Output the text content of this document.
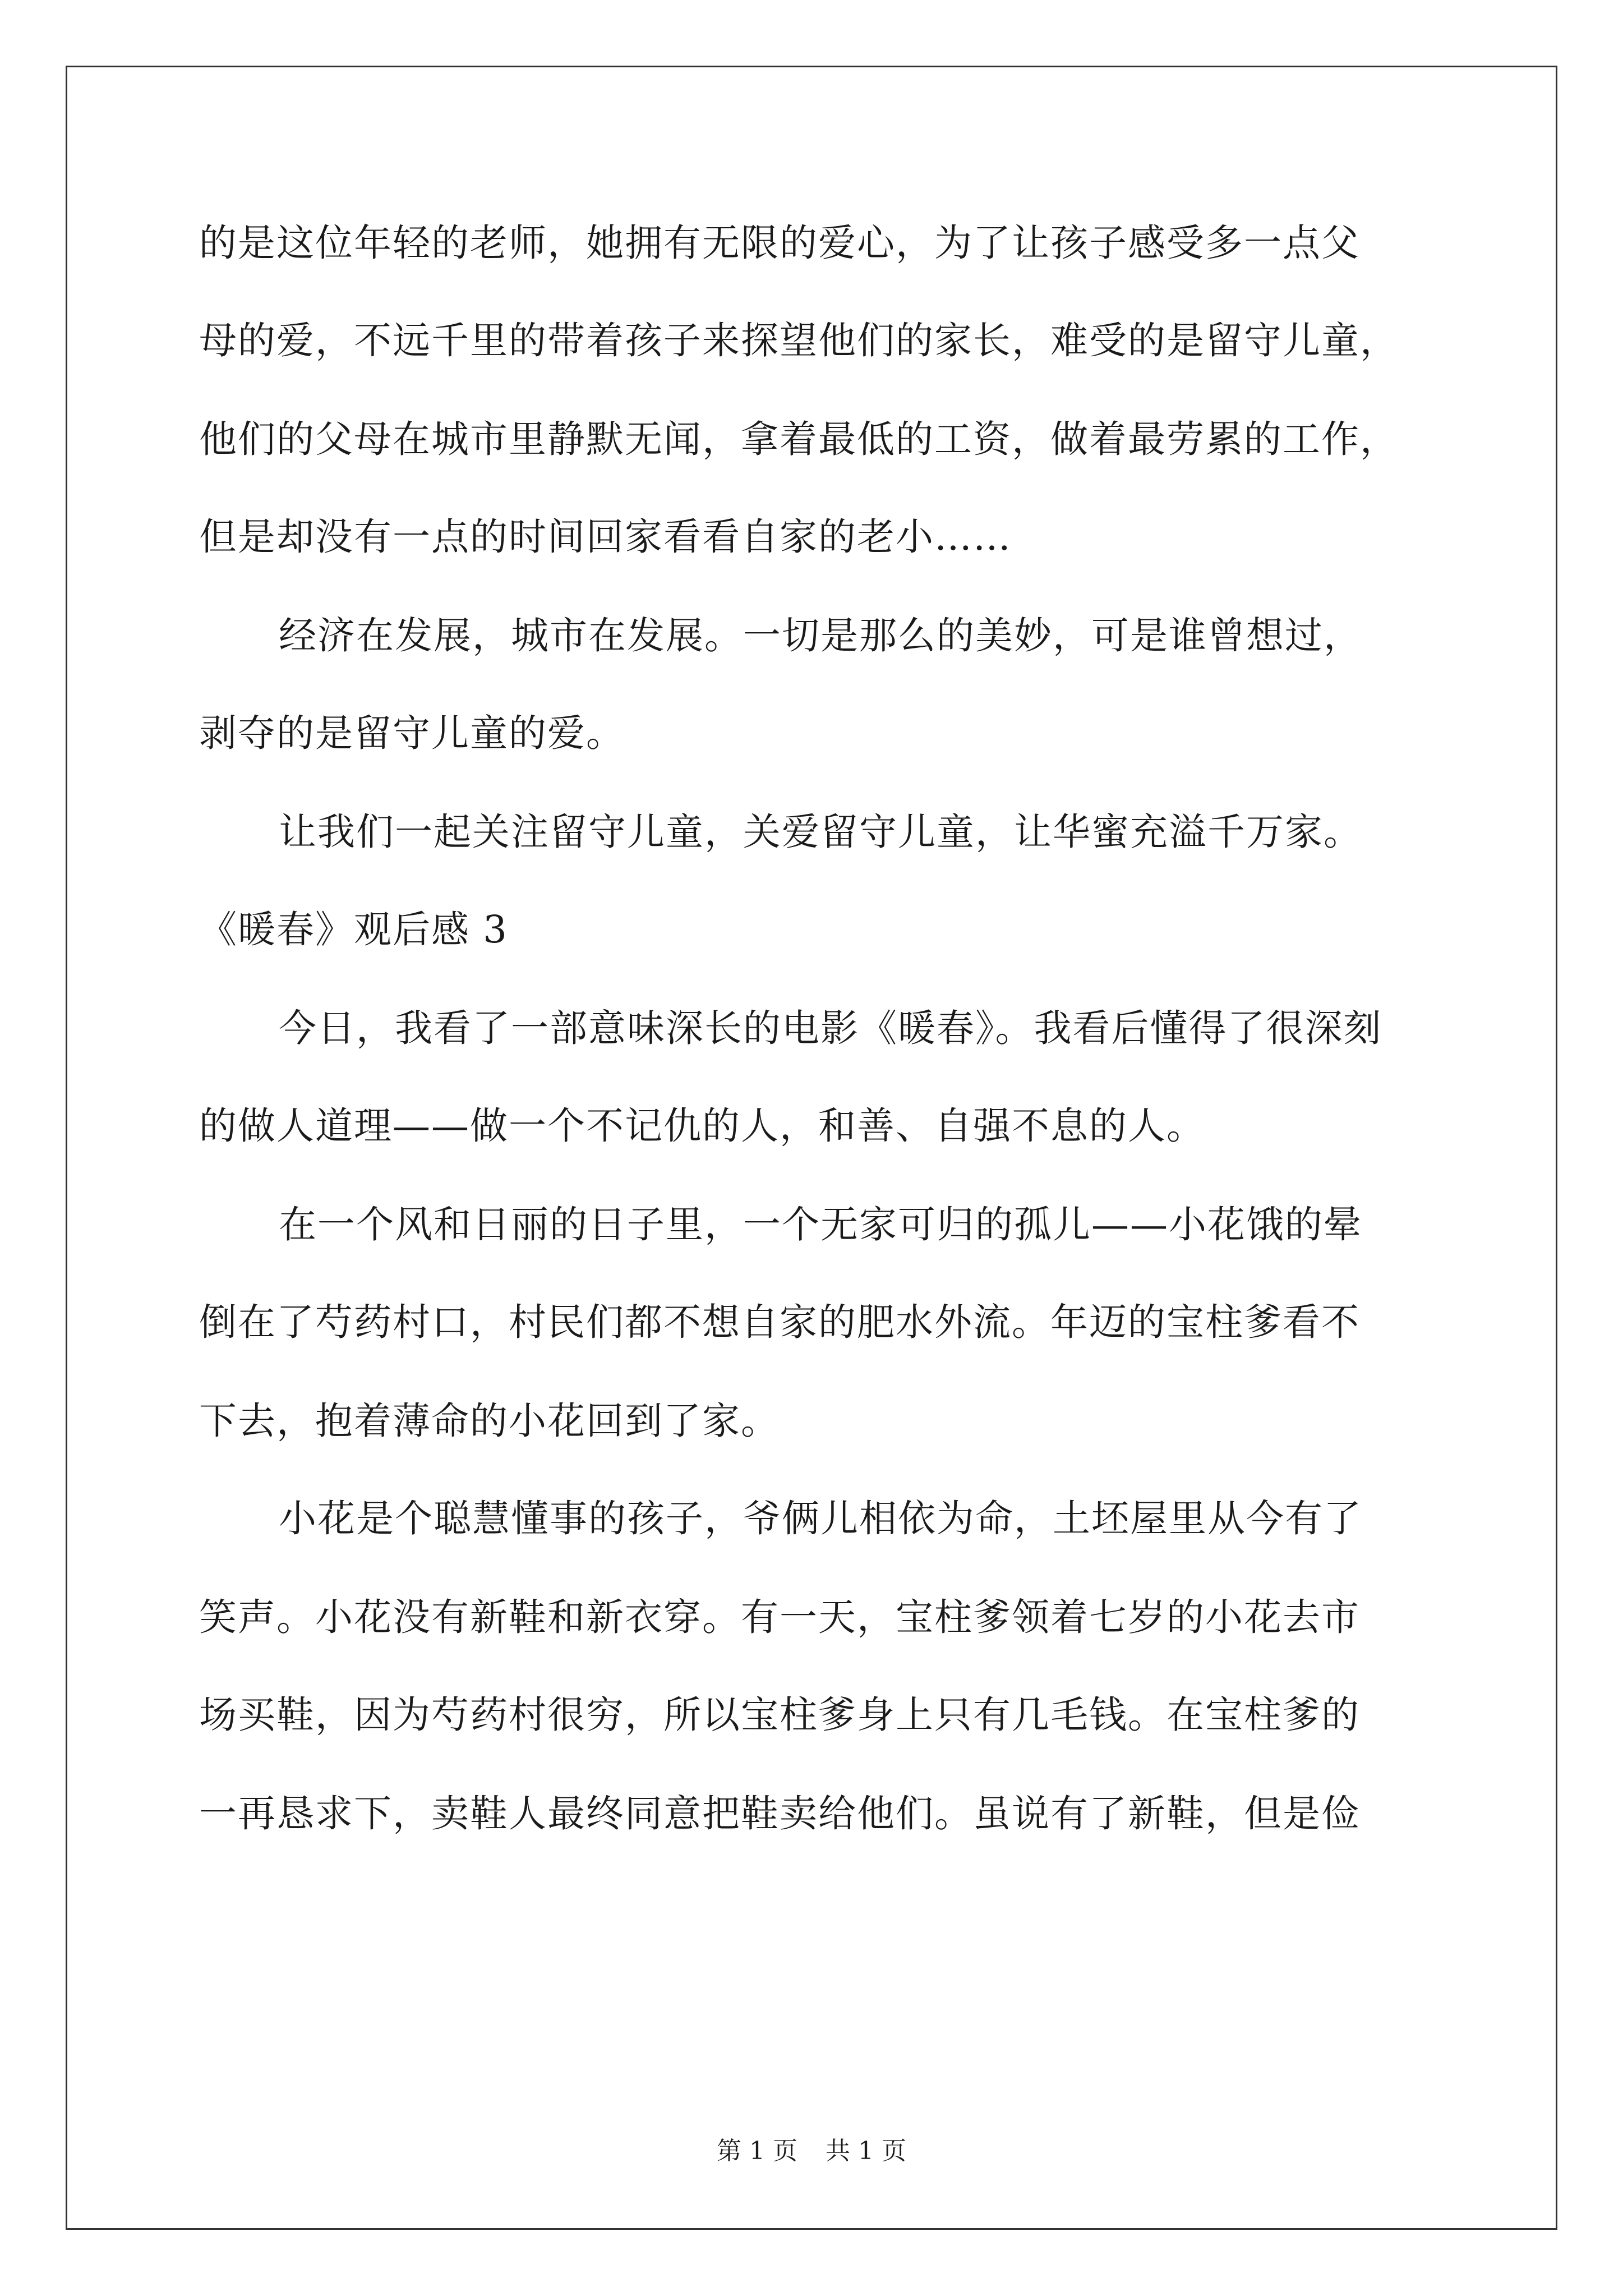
的是这位年轻的老师，她拥有无限的爱心，为了让孩子感受多一点父
母的爱，不远千里的带着孩子来探望他们的家长，难受的是留守儿童，
他们的父母在城市里静默无闻，拿着最低的工资，做着最劳累的工作，
但是却没有一点的时间回家看看自家的老小……
经济在发展，城市在发展。一切是那么的美妙，可是谁曾想过，
剥夺的是留守儿童的爱。
让我们一起关注留守儿童，关爱留守儿童，让华蜜充溢千万家。
《暖春》观后感 3
今日，我看了一部意味深长的电影《暖春》。我看后懂得了很深刻
的做人道理——做一个不记仇的人，和善、自强不息的人。
在一个风和日丽的日子里，一个无家可归的孤儿——小花饿的晕
倒在了芍药村口，村民们都不想自家的肥水外流。年迈的宝柱爹看不
下去，抱着薄命的小花回到了家。
小花是个聪慧懂事的孩子，爷俩儿相依为命，土坯屋里从今有了
笑声。小花没有新鞋和新衣穿。有一天，宝柱爹领着七岁的小花去市
场买鞋，因为芍药村很穷，所以宝柱爹身上只有几毛钱。在宝柱爹的
一再恳求下，卖鞋人最终同意把鞋卖给他们。虽说有了新鞋，但是俭
第 1 页 共 1 页
